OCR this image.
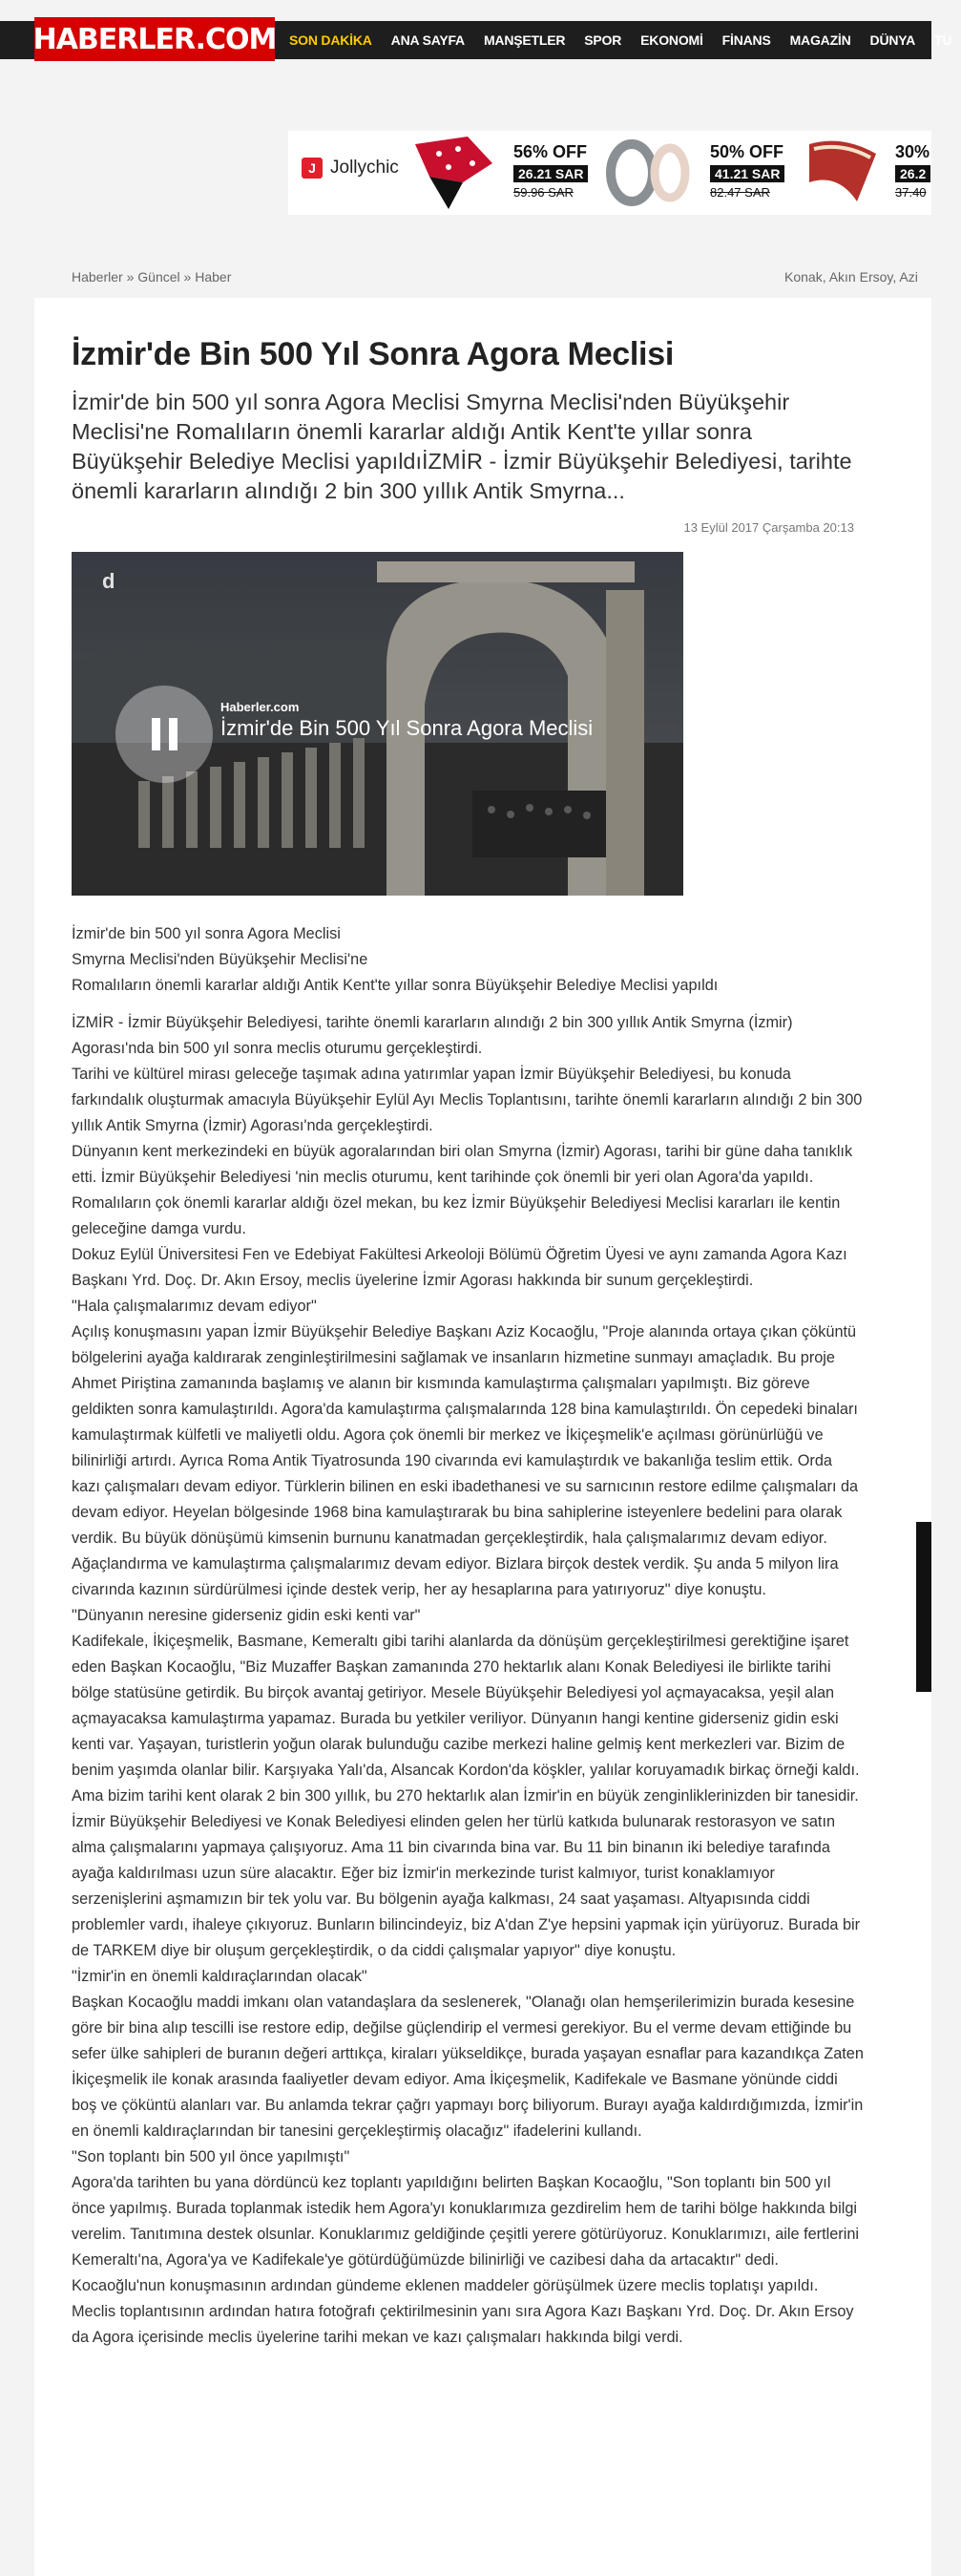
HABERLER.COM SON DAKİKA	ANA SAYFA	MANŞETLER	SPOR	EKONOMİ	FİNANS	MAGAZİN	DÜNYA	TÜ
J Jollychic
56% OFF
26.21 SAR
59.96 SAR
50% OFF
41.21 SAR
82.47 SAR
30%
26.2
37.40
Haberler » Güncel » Haber	Konak, Akın Ersoy, Azi
İzmir'de Bin 500 Yıl Sonra Agora Meclisi

İzmir'de bin 500 yıl sonra Agora Meclisi Smyrna Meclisi'nden Büyükşehir Meclisi'ne Romalıların önemli kararlar aldığı Antik Kent'te yıllar sonra Büyükşehir Belediye Meclisi yapıldıİZMİR - İzmir Büyükşehir Belediyesi, tarihte önemli kararların alındığı 2 bin 300 yıllık Antik Smyrna...

13 Eylül 2017 Çarşamba 20:13
d
Haberler.com
İzmir'de Bin 500 Yıl Sonra Agora Meclisi
İzmir'de bin 500 yıl sonra Agora Meclisi
Smyrna Meclisi'nden Büyükşehir Meclisi'ne
Romalıların önemli kararlar aldığı Antik Kent'te yıllar sonra Büyükşehir Belediye Meclisi yapıldı

İZMİR - İzmir Büyükşehir Belediyesi, tarihte önemli kararların alındığı 2 bin 300 yıllık Antik Smyrna (İzmir) Agorası'nda bin 500 yıl sonra meclis oturumu gerçekleştirdi.

Tarihi ve kültürel mirası geleceğe taşımak adına yatırımlar yapan İzmir Büyükşehir Belediyesi, bu konuda farkındalık oluşturmak amacıyla Büyükşehir Eylül Ayı Meclis Toplantısını, tarihte önemli kararların alındığı 2 bin 300 yıllık Antik Smyrna (İzmir) Agorası'nda gerçekleştirdi.

Dünyanın kent merkezindeki en büyük agoralarından biri olan Smyrna (İzmir) Agorası, tarihi bir güne daha tanıklık etti. İzmir Büyükşehir Belediyesi 'nin meclis oturumu, kent tarihinde çok önemli bir yeri olan Agora'da yapıldı. Romalıların çok önemli kararlar aldığı özel mekan, bu kez İzmir Büyükşehir Belediyesi Meclisi kararları ile kentin geleceğine damga vurdu.

Dokuz Eylül Üniversitesi Fen ve Edebiyat Fakültesi Arkeoloji Bölümü Öğretim Üyesi ve aynı zamanda Agora Kazı Başkanı Yrd. Doç. Dr. Akın Ersoy, meclis üyelerine İzmir Agorası hakkında bir sunum gerçekleştirdi.

"Hala çalışmalarımız devam ediyor"

Açılış konuşmasını yapan İzmir Büyükşehir Belediye Başkanı Aziz Kocaoğlu, "Proje alanında ortaya çıkan çöküntü bölgelerini ayağa kaldırarak zenginleştirilmesini sağlamak ve insanların hizmetine sunmayı amaçladık. Bu proje Ahmet Piriştina zamanında başlamış ve alanın bir kısmında kamulaştırma çalışmaları yapılmıştı. Biz göreve geldikten sonra kamulaştırıldı. Agora'da kamulaştırma çalışmalarında 128 bina kamulaştırıldı. Ön cepedeki binaları kamulaştırmak külfetli ve maliyetli oldu. Agora çok önemli bir merkez ve İkiçeşmelik'e açılması görünürlüğü ve bilinirliği artırdı. Ayrıca Roma Antik Tiyatrosunda 190 civarında evi kamulaştırdık ve bakanlığa teslim ettik. Orda kazı çalışmaları devam ediyor. Türklerin bilinen en eski ibadethanesi ve su sarnıcının restore edilme çalışmaları da devam ediyor. Heyelan bölgesinde 1968 bina kamulaştırarak bu bina sahiplerine isteyenlere bedelini para olarak verdik. Bu büyük dönüşümü kimsenin burnunu kanatmadan gerçekleştirdik, hala çalışmalarımız devam ediyor. Ağaçlandırma ve kamulaştırma çalışmalarımız devam ediyor. Bizlara birçok destek verdik. Şu anda 5 milyon lira civarında kazının sürdürülmesi içinde destek verip, her ay hesaplarına para yatırıyoruz" diye konuştu.

"Dünyanın neresine giderseniz gidin eski kenti var"

Kadifekale, İkiçeşmelik, Basmane, Kemeraltı gibi tarihi alanlarda da dönüşüm gerçekleştirilmesi gerektiğine işaret eden Başkan Kocaoğlu, "Biz Muzaffer Başkan zamanında 270 hektarlık alanı Konak Belediyesi ile birlikte tarihi bölge statüsüne getirdik. Bu birçok avantaj getiriyor. Mesele Büyükşehir Belediyesi yol açmayacaksa, yeşil alan açmayacaksa kamulaştırma yapamaz. Burada bu yetkiler veriliyor. Dünyanın hangi kentine giderseniz gidin eski kenti var. Yaşayan, turistlerin yoğun olarak bulunduğu cazibe merkezi haline gelmiş kent merkezleri var. Bizim de benim yaşımda olanlar bilir. Karşıyaka Yalı'da, Alsancak Kordon'da köşkler, yalılar koruyamadık birkaç örneği kaldı. Ama bizim tarihi kent olarak 2 bin 300 yıllık, bu 270 hektarlık alan İzmir'in en büyük zenginliklerinizden bir tanesidir. İzmir Büyükşehir Belediyesi ve Konak Belediyesi elinden gelen her türlü katkıda bulunarak restorasyon ve satın alma çalışmalarını yapmaya çalışıyoruz. Ama 11 bin civarında bina var. Bu 11 bin binanın iki belediye tarafında ayağa kaldırılması uzun süre alacaktır. Eğer biz İzmir'in merkezinde turist kalmıyor, turist konaklamıyor serzenişlerini aşmamızın bir tek yolu var. Bu bölgenin ayağa kalkması, 24 saat yaşaması. Altyapısında ciddi problemler vardı, ihaleye çıkıyoruz. Bunların bilincindeyiz, biz A'dan Z'ye hepsini yapmak için yürüyoruz. Burada bir de TARKEM diye bir oluşum gerçekleştirdik, o da ciddi çalışmalar yapıyor" diye konuştu.

"İzmir'in en önemli kaldıraçlarından olacak"

Başkan Kocaoğlu maddi imkanı olan vatandaşlara da seslenerek, "Olanağı olan hemşerilerimizin burada kesesine göre bir bina alıp tescilli ise restore edip, değilse güçlendirip el vermesi gerekiyor. Bu el verme devam ettiğinde bu sefer ülke sahipleri de buranın değeri arttıkça, kiraları yükseldikçe, burada yaşayan esnaflar para kazandıkça Zaten İkiçeşmelik ile konak arasında faaliyetler devam ediyor. Ama İkiçeşmelik, Kadifekale ve Basmane yönünde ciddi boş ve çöküntü alanları var. Bu anlamda tekrar çağrı yapmayı borç biliyorum. Burayı ayağa kaldırdığımızda, İzmir'in en önemli kaldıraçlarından bir tanesini gerçekleştirmiş olacağız" ifadelerini kullandı.

"Son toplantı bin 500 yıl önce yapılmıştı"

Agora'da tarihten bu yana dördüncü kez toplantı yapıldığını belirten Başkan Kocaoğlu, "Son toplantı bin 500 yıl önce yapılmış. Burada toplanmak istedik hem Agora'yı konuklarımıza gezdirelim hem de tarihi bölge hakkında bilgi verelim. Tanıtımına destek olsunlar. Konuklarımız geldiğinde çeşitli yerere götürüyoruz. Konuklarımızı, aile fertlerini Kemeraltı'na, Agora'ya ve Kadifekale'ye götürdüğümüzde bilinirliği ve cazibesi daha da artacaktır" dedi.

Kocaoğlu'nun konuşmasının ardından gündeme eklenen maddeler görüşülmek üzere meclis toplatışı yapıldı. Meclis toplantısının ardından hatıra fotoğrafı çektirilmesinin yanı sıra Agora Kazı Başkanı Yrd. Doç. Dr. Akın Ersoy da Agora içerisinde meclis üyelerine tarihi mekan ve kazı çalışmaları hakkında bilgi verdi.
